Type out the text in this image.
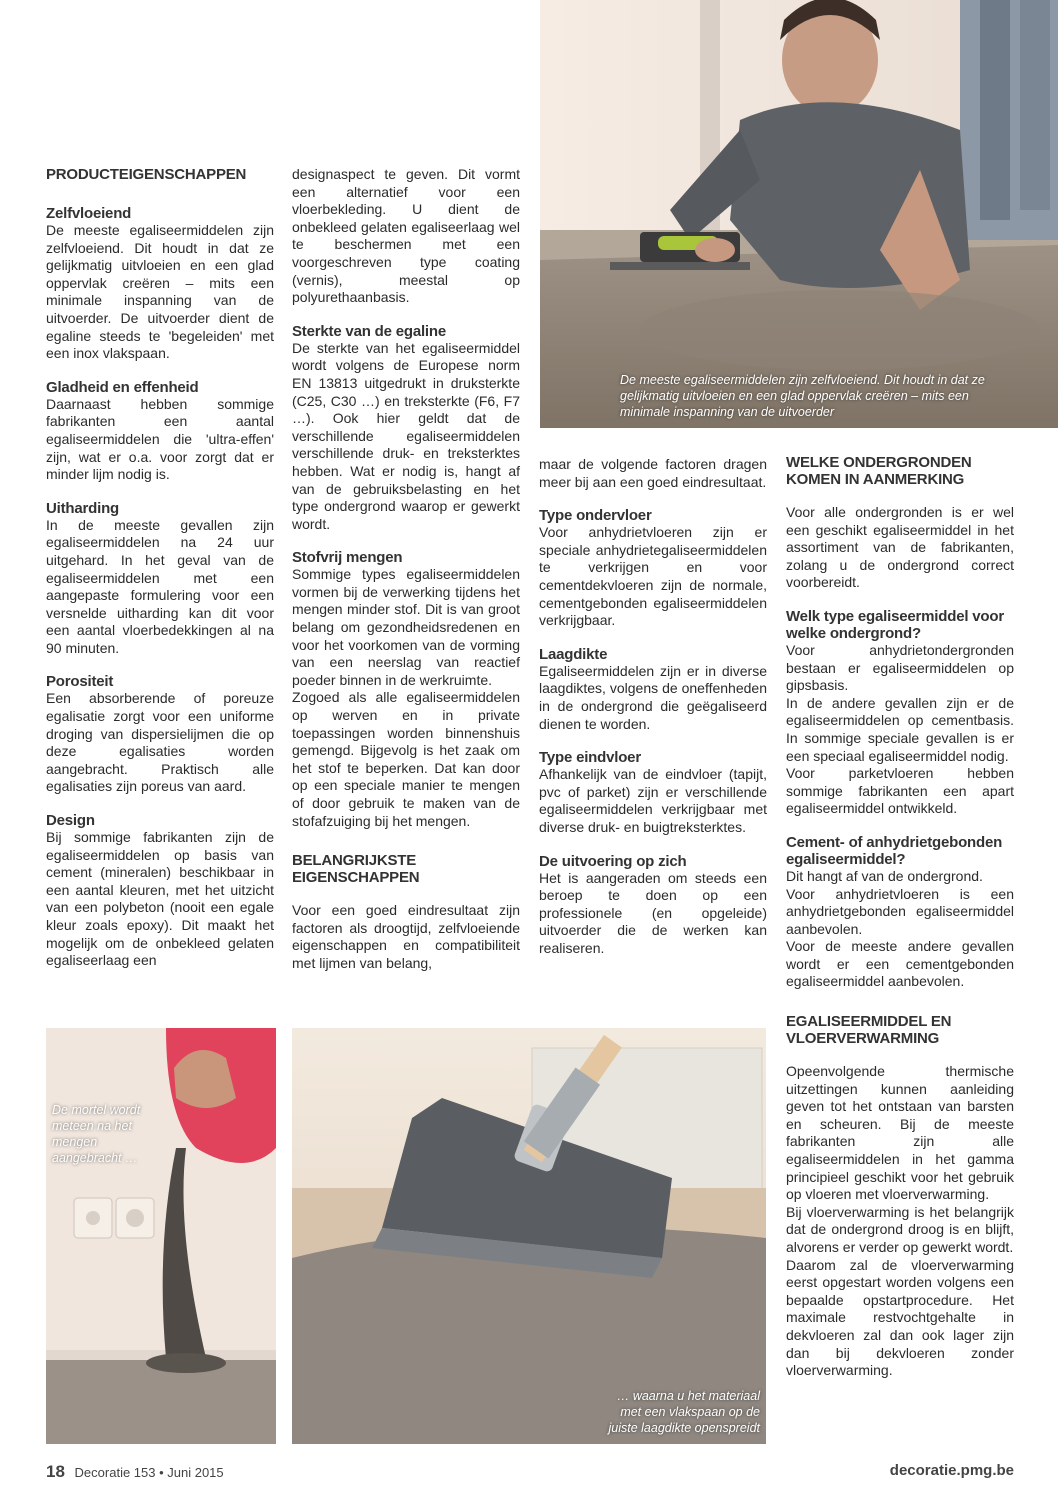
De meeste egaliseermiddelen zijn zelfvloeiend. Dit houdt in dat ze gelijkmatig uitvloeien en een glad oppervlak creëren – mits een minimale inspanning van de uitvoerder
PRODUCTEIGENSCHAPPEN
Zelfvloeiend

De meeste egaliseermiddelen zijn zelfvloeiend. Dit houdt in dat ze gelijkmatig uitvloeien en een glad oppervlak creëren – mits een minimale inspanning van de uitvoerder. De uitvoerder dient de egaline steeds te 'begeleiden' met een inox vlakspaan.

Gladheid en effenheid

Daarnaast hebben sommige fabrikanten een aantal egaliseermiddelen die 'ultra-effen' zijn, wat er o.a. voor zorgt dat er minder lijm nodig is.

Uitharding

In de meeste gevallen zijn egaliseermiddelen na 24 uur uitgehard. In het geval van de egaliseermiddelen met een aangepaste formulering voor een versnelde uitharding kan dit voor een aantal vloerbedekkingen al na 90 minuten.

Porositeit

Een absorberende of poreuze egalisatie zorgt voor een uniforme droging van dispersielijmen die op deze egalisaties worden aangebracht. Praktisch alle egalisaties zijn poreus van aard.

Design

Bij sommige fabrikanten zijn de egaliseermiddelen op basis van cement (mineralen) beschikbaar in een aantal kleuren, met het uitzicht van een polybeton (nooit een egale kleur zoals epoxy). Dit maakt het mogelijk om de onbekleed gelaten egaliseerlaag een

designaspect te geven. Dit vormt een alternatief voor een vloerbekleding. U dient de onbekleed gelaten egaliseerlaag wel te beschermen met een voorgeschreven type coating (vernis), meestal op polyurethaanbasis.

Sterkte van de egaline

De sterkte van het egaliseermiddel wordt volgens de Europese norm EN 13813 uitgedrukt in druksterkte (C25, C30 …) en treksterkte (F6, F7 …). Ook hier geldt dat de verschillende egaliseermiddelen verschillende druk- en treksterktes hebben. Wat er nodig is, hangt af van de gebruiksbelasting en het type ondergrond waarop er gewerkt wordt.

Stofvrij mengen

Sommige types egaliseermiddelen vormen bij de verwerking tijdens het mengen minder stof. Dit is van groot belang om gezondheidsredenen en voor het voorkomen van de vorming van een neerslag van reactief poeder binnen in de werkruimte.

Zogoed als alle egaliseermiddelen op werven en in private toepassingen worden binnenshuis gemengd. Bijgevolg is het zaak om het stof te beperken. Dat kan door op een speciale manier te mengen of door gebruik te maken van de stofafzuiging bij het mengen.

BELANGRIJKSTE EIGENSCHAPPEN

Voor een goed eindresultaat zijn factoren als droogtijd, zelfvloeiende eigenschappen en compatibiliteit met lijmen van belang,

maar de volgende factoren dragen meer bij aan een goed eindresultaat.

Type ondervloer

Voor anhydrietvloeren zijn er speciale anhydrietegaliseermiddelen te verkrijgen en voor cementdekvloeren zijn de normale, cementgebonden egaliseermiddelen verkrijgbaar.

Laagdikte

Egaliseermiddelen zijn er in diverse laagdiktes, volgens de oneffenheden in de ondergrond die geëgaliseerd dienen te worden.

Type eindvloer

Afhankelijk van de eindvloer (tapijt, pvc of parket) zijn er verschillende egaliseermiddelen verkrijgbaar met diverse druk- en buigtreksterktes.

De uitvoering op zich

Het is aangeraden om steeds een beroep te doen op een professionele (en opgeleide) uitvoerder die de werken kan realiseren.

WELKE ONDERGRONDEN KOMEN IN AANMERKING

Voor alle ondergronden is er wel een geschikt egaliseermiddel in het assortiment van de fabrikanten, zolang u de ondergrond correct voorbereidt.

Welk type egaliseermiddel voor welke ondergrond?

Voor anhydrietondergronden bestaan er egaliseermiddelen op gipsbasis.

In de andere gevallen zijn er de egaliseermiddelen op cementbasis. In sommige speciale gevallen is er een speciaal egaliseermiddel nodig.

Voor parketvloeren hebben sommige fabrikanten een apart egaliseermiddel ontwikkeld.

Cement- of anhydrietgebonden egaliseermiddel?

Dit hangt af van de ondergrond.

Voor anhydrietvloeren is een anhydrietgebonden egaliseermiddel aanbevolen.

Voor de meeste andere gevallen wordt er een cementgebonden egaliseermiddel aanbevolen.

EGALISEERMIDDEL EN VLOERVERWARMING

Opeenvolgende thermische uitzettingen kunnen aanleiding geven tot het ontstaan van barsten en scheuren. Bij de meeste fabrikanten zijn alle egaliseermiddelen in het gamma principieel geschikt voor het gebruik op vloeren met vloerverwarming.

Bij vloerverwarming is het belangrijk dat de ondergrond droog is en blijft, alvorens er verder op gewerkt wordt.

Daarom zal de vloerverwarming eerst opgestart worden volgens een bepaalde opstartprocedure. Het maximale restvochtgehalte in dekvloeren zal dan ook lager zijn dan bij dekvloeren zonder vloerverwarming.

De mortel wordt meteen na het mengen aangebracht …
… waarna u het materiaal met een vlakspaan op de juiste laagdikte openspreidt
18 Decoratie 153 • Juni 2015	decoratie.pmg.be
